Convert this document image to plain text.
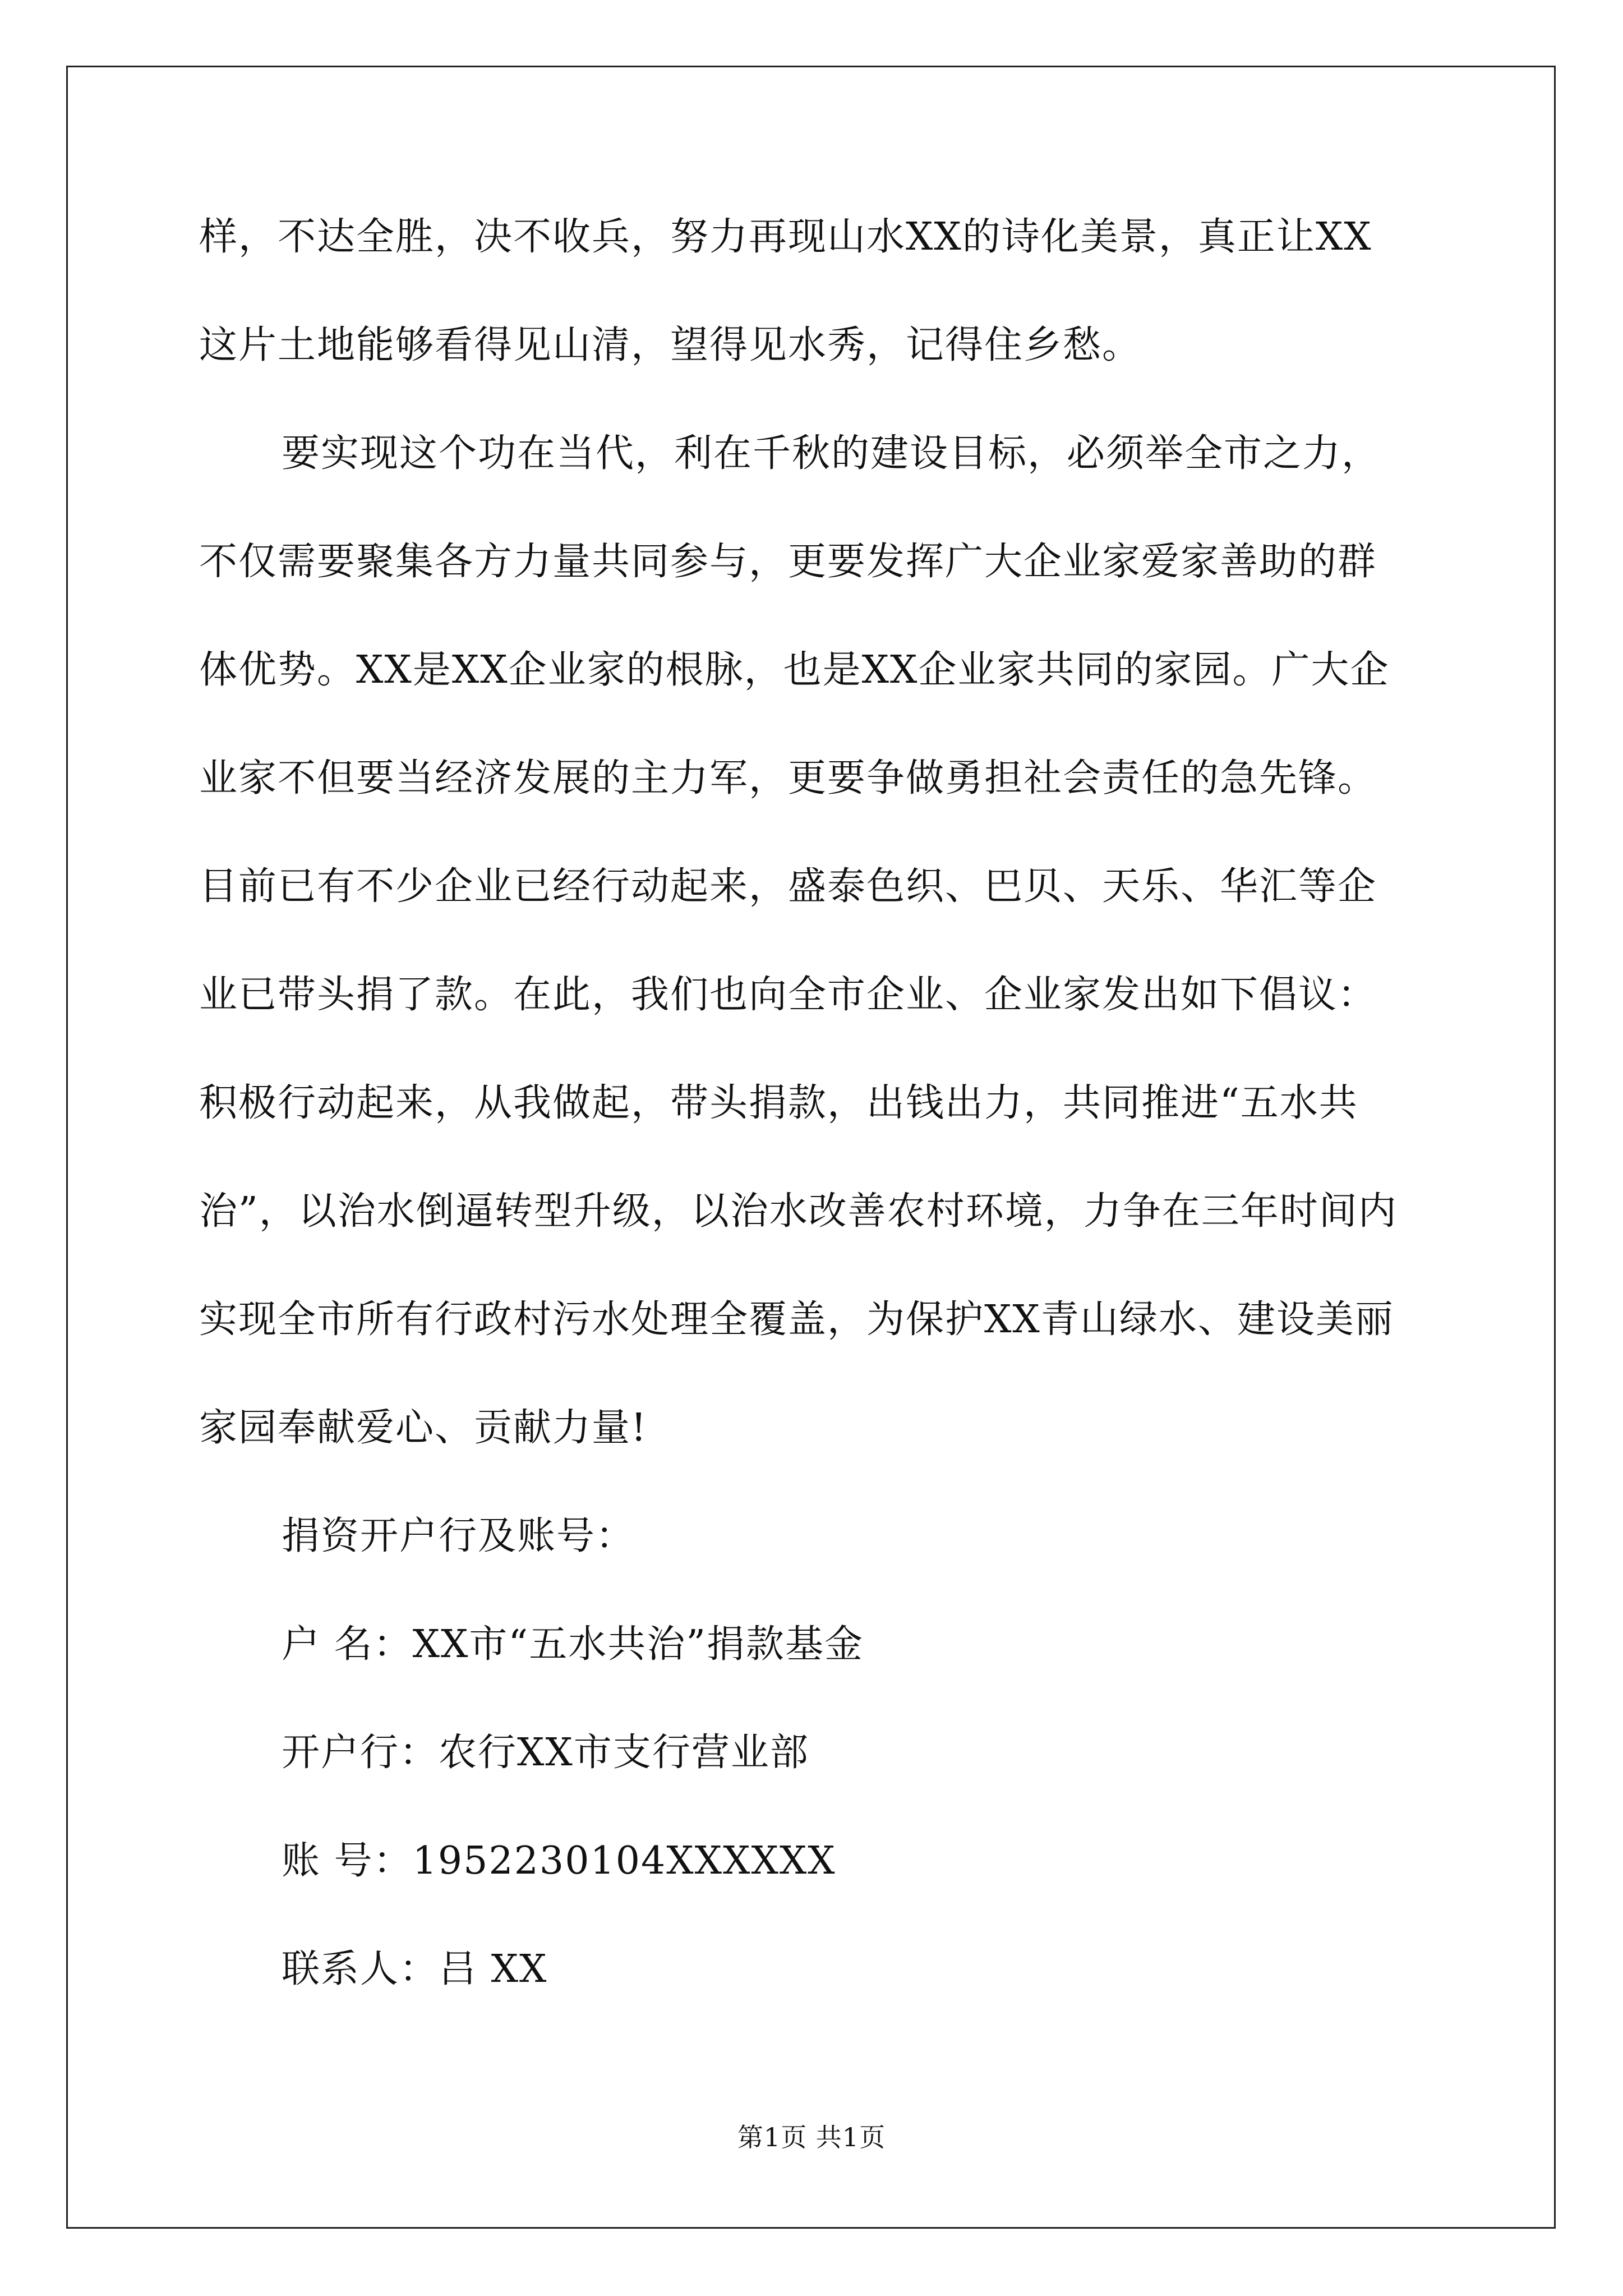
样，不达全胜，决不收兵，努力再现山水XX的诗化美景，真正让XX
这片土地能够看得见山清，望得见水秀，记得住乡愁。
要实现这个功在当代，利在千秋的建设目标，必须举全市之力，
不仅需要聚集各方力量共同参与，更要发挥广大企业家爱家善助的群
体优势。XX是XX企业家的根脉，也是XX企业家共同的家园。广大企
业家不但要当经济发展的主力军，更要争做勇担社会责任的急先锋。
目前已有不少企业已经行动起来，盛泰色织、巴贝、天乐、华汇等企
业已带头捐了款。在此，我们也向全市企业、企业家发出如下倡议：
积极行动起来，从我做起，带头捐款，出钱出力，共同推进“五水共
治”，以治水倒逼转型升级，以治水改善农村环境，力争在三年时间内
实现全市所有行政村污水处理全覆盖，为保护XX青山绿水、建设美丽
家园奉献爱心、贡献力量!
捐资开户行及账号：
户 名：XX市“五水共治”捐款基金
开户行：农行XX市支行营业部
账 号：1952230104XXXXXX
联系人：吕 XX
第1页 共1页
